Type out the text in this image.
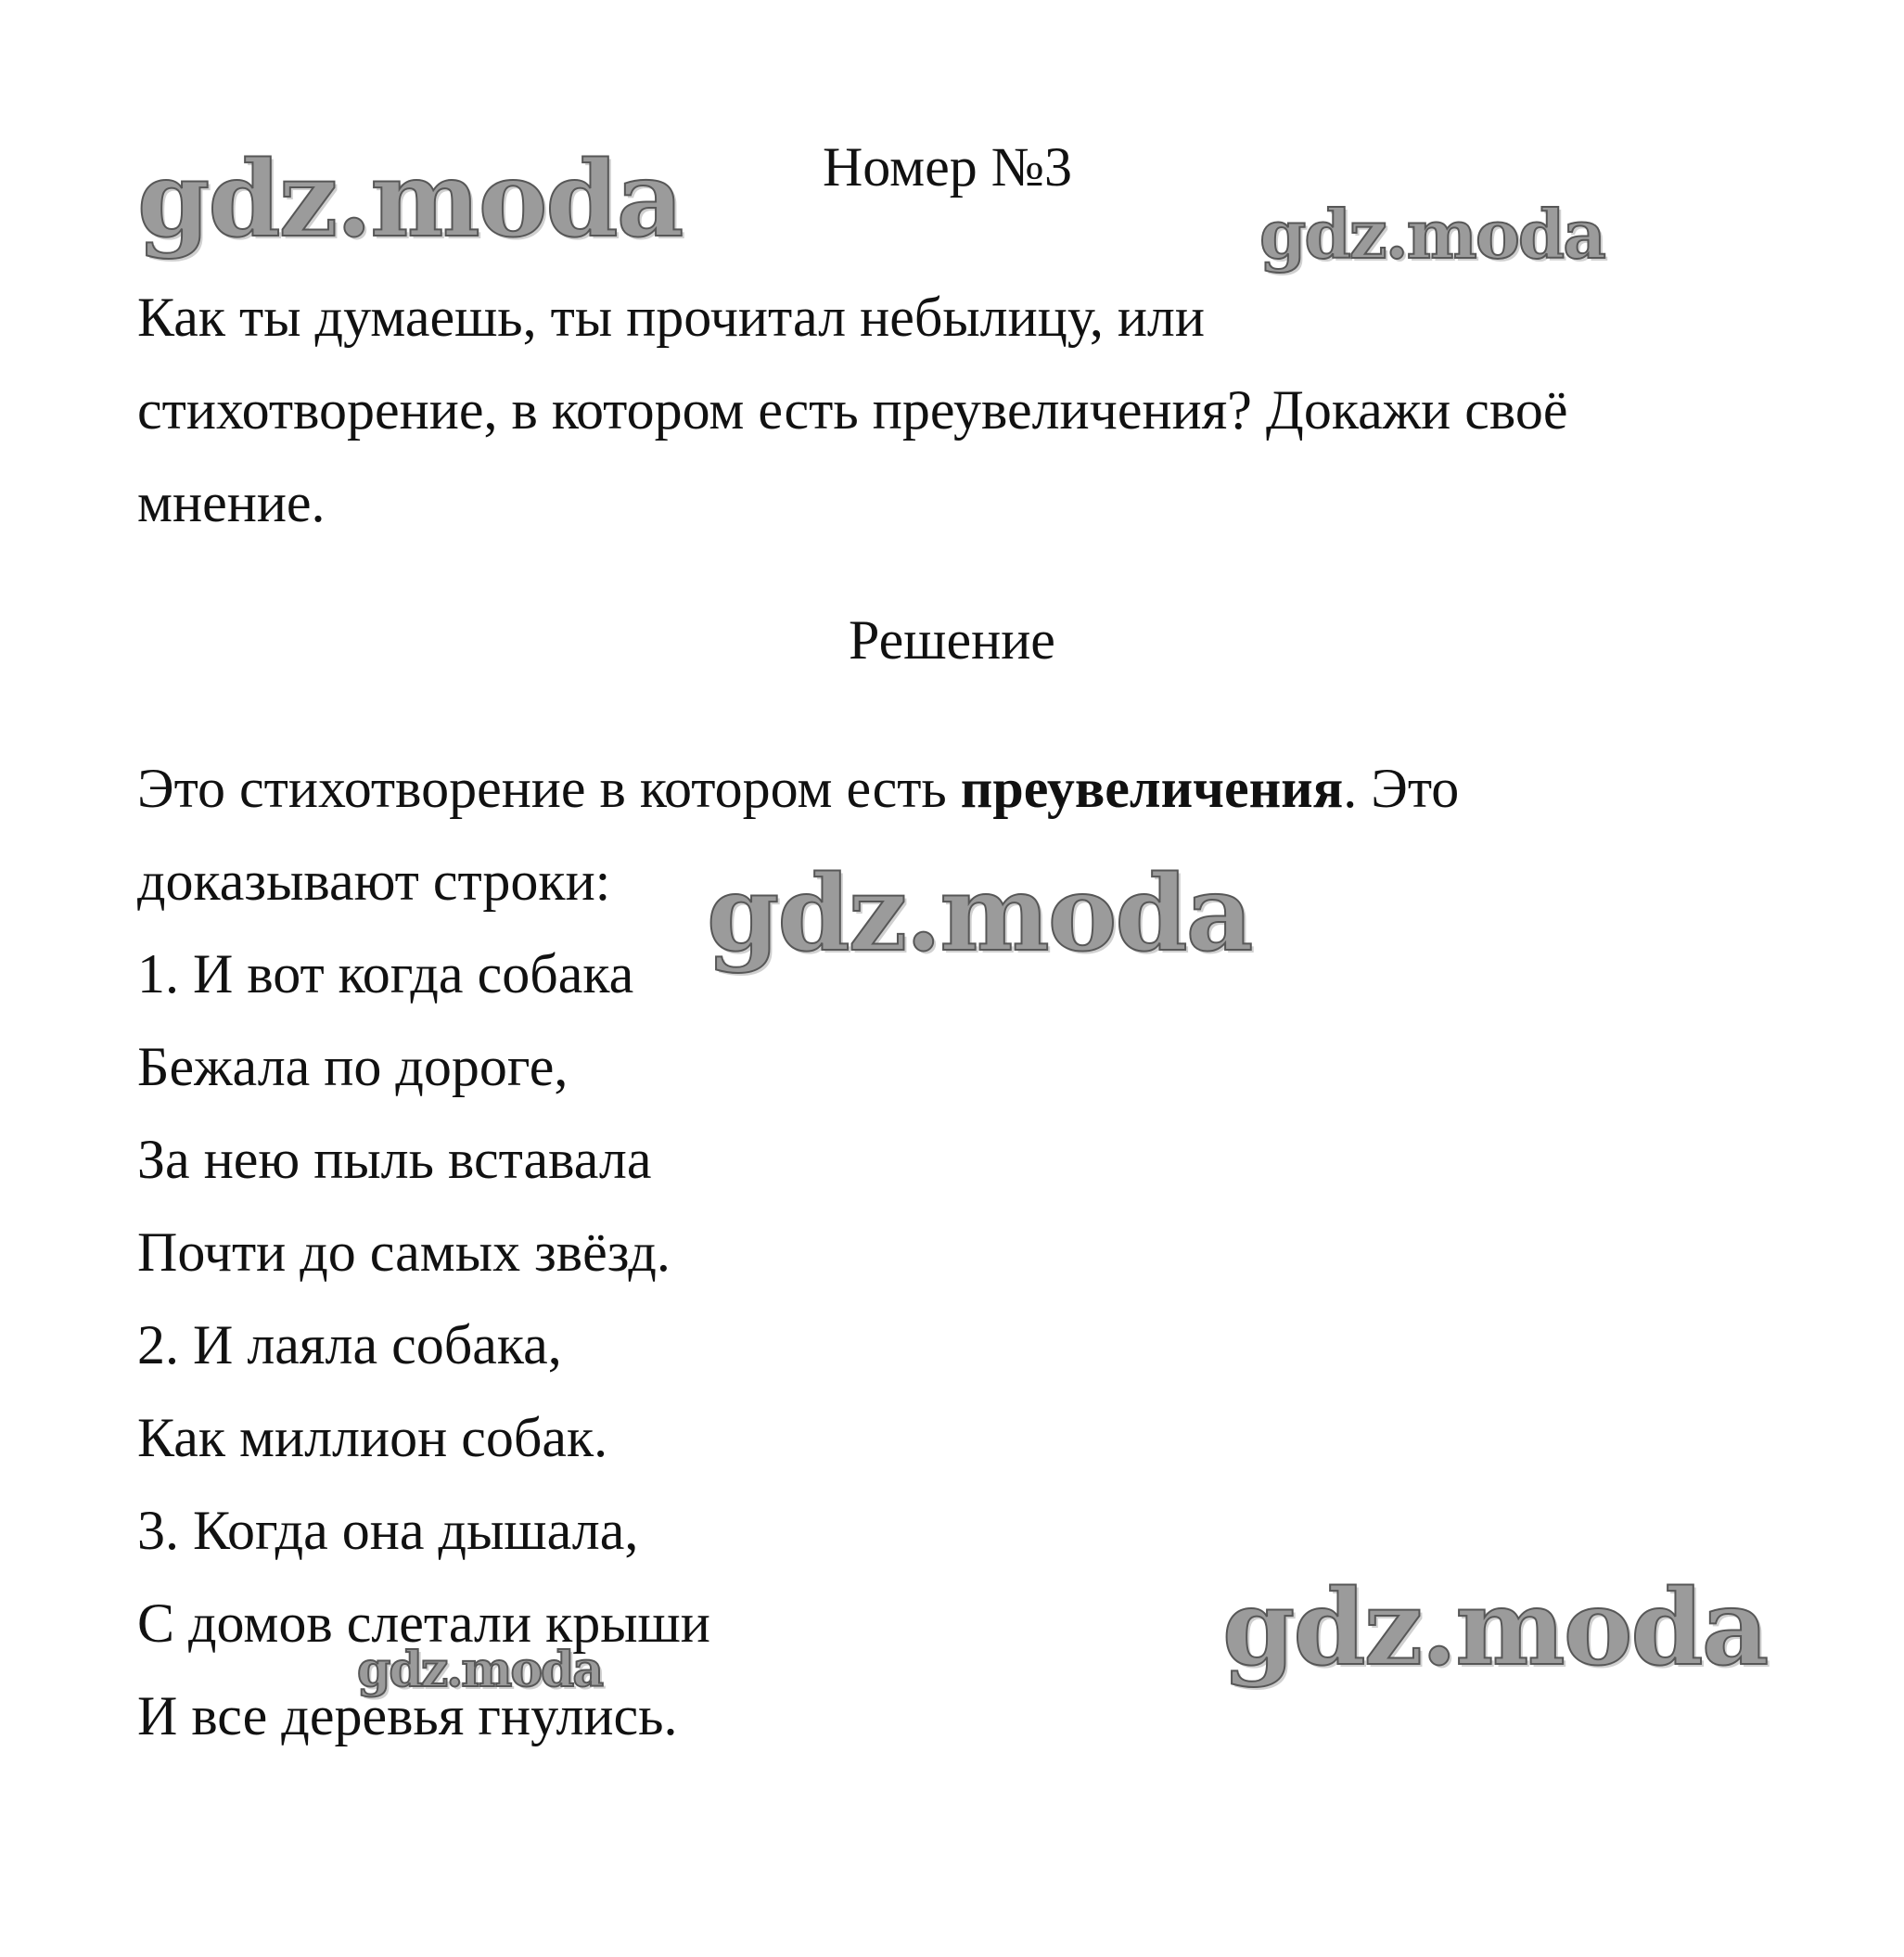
Номер №3
Как ты думаешь, ты прочитал небылицу, или
стихотворение, в котором есть преувеличения? Докажи своё
мнение.
Решение
Это стихотворение в котором есть преувеличения. Это
доказывают строки:
1. И вот когда собака
Бежала по дороге,
За нею пыль вставала
Почти до самых звёзд.
2. И лаяла собака,
Как миллион собак.
3. Когда она дышала,
С домов слетали крыши
И все деревья гнулись.
gdz.moda	gdz.moda
gdz.moda
gdz.moda
gdz.moda
